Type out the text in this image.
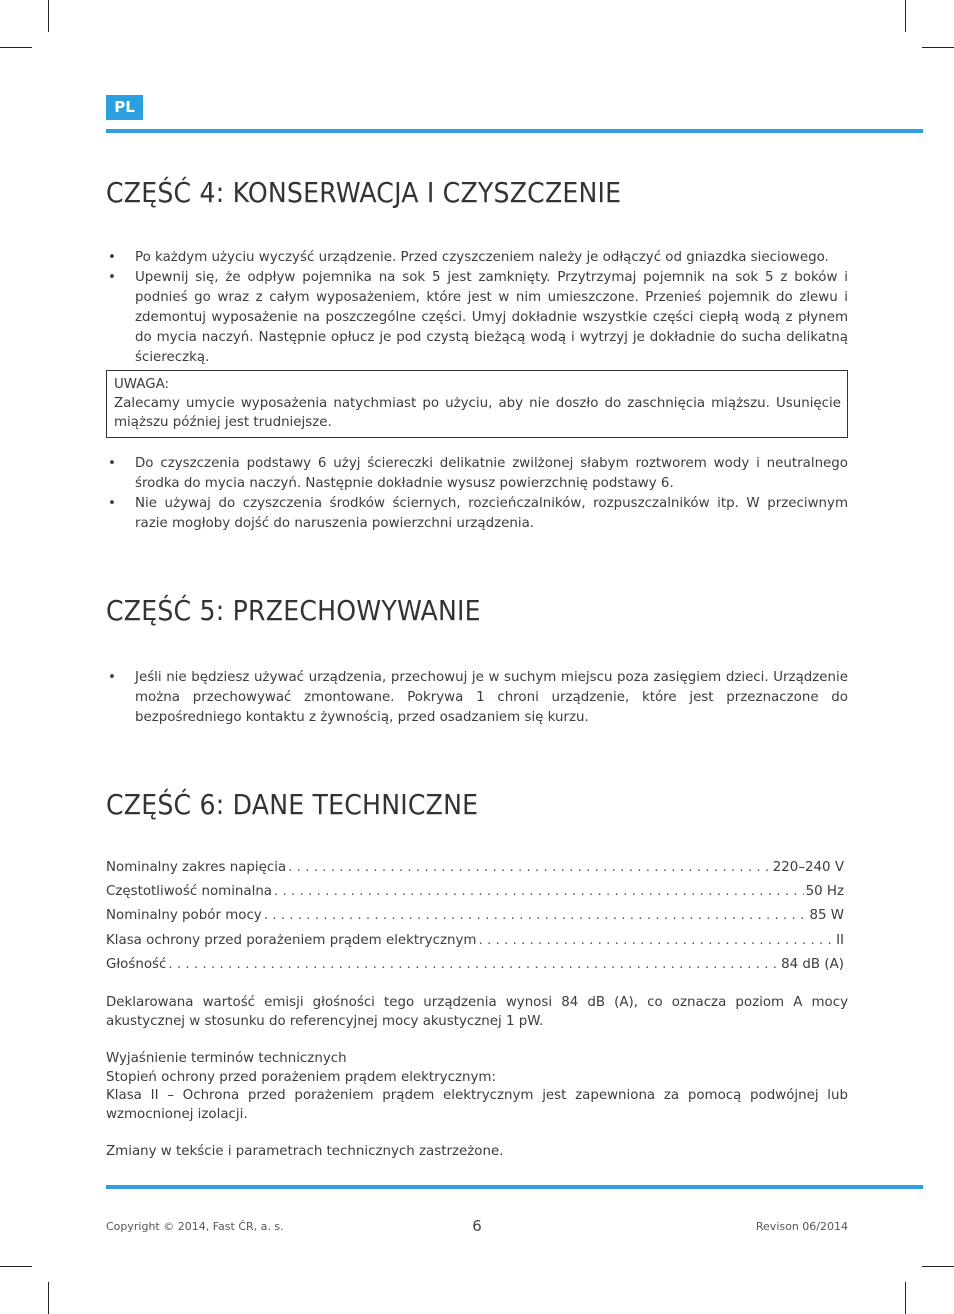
PL
CZĘŚĆ 4: KONSERWACJA I CZYSZCZENIE
• Po każdym użyciu wyczyść urządzenie. Przed czyszczeniem należy je odłączyć od gniazdka sieciowego.
• Upewnij się, że odpływ pojemnika na sok 5 jest zamknięty. Przytrzymaj pojemnik na sok 5 z boków i podnieś go wraz z całym wyposażeniem, które jest w nim umieszczone. Przenieś pojemnik do zlewu i zdemontuj wyposażenie na poszczególne części. Umyj dokładnie wszystkie części ciepłą wodą z płynem do mycia naczyń. Następnie opłucz je pod czystą bieżącą wodą i wytrzyj je dokładnie do sucha delikatną ściereczką.
UWAGA:
Zalecamy umycie wyposażenia natychmiast po użyciu, aby nie doszło do zaschnięcia miąższu. Usunięcie miąższu później jest trudniejsze.
• Do czyszczenia podstawy 6 użyj ściereczki delikatnie zwilżonej słabym roztworem wody i neutralnego środka do mycia naczyń. Następnie dokładnie wysusz powierzchnię podstawy 6.
• Nie używaj do czyszczenia środków ściernych, rozcieńczalników, rozpuszczalników itp. W przeciwnym razie mogłoby dojść do naruszenia powierzchni urządzenia.
CZĘŚĆ 5: PRZECHOWYWANIE
• Jeśli nie będziesz używać urządzenia, przechowuj je w suchym miejscu poza zasięgiem dzieci. Urządzenie można przechowywać zmontowane. Pokrywa 1 chroni urządzenie, które jest przeznaczone do bezpośredniego kontaktu z żywnością, przed osadzaniem się kurzu.
CZĘŚĆ 6: DANE TECHNICZNE
Nominalny zakres napięcia . . .	220–240 V
Częstotliwość nominalna . . .	50 Hz
Nominalny pobór mocy . . .	85 W
Klasa ochrony przed porażeniem prądem elektrycznym . . .	II
Głośność . . .	84 dB (A)
Deklarowana wartość emisji głośności tego urządzenia wynosi 84 dB (A), co oznacza poziom A mocy akustycznej w stosunku do referencyjnej mocy akustycznej 1 pW.
Wyjaśnienie terminów technicznych
Stopień ochrony przed porażeniem prądem elektrycznym:
Klasa II – Ochrona przed porażeniem prądem elektrycznym jest zapewniona za pomocą podwójnej lub wzmocnionej izolacji.
Zmiany w tekście i parametrach technicznych zastrzeżone.
Copyright © 2014, Fast ČR, a. s.	6	Revison 06/2014
